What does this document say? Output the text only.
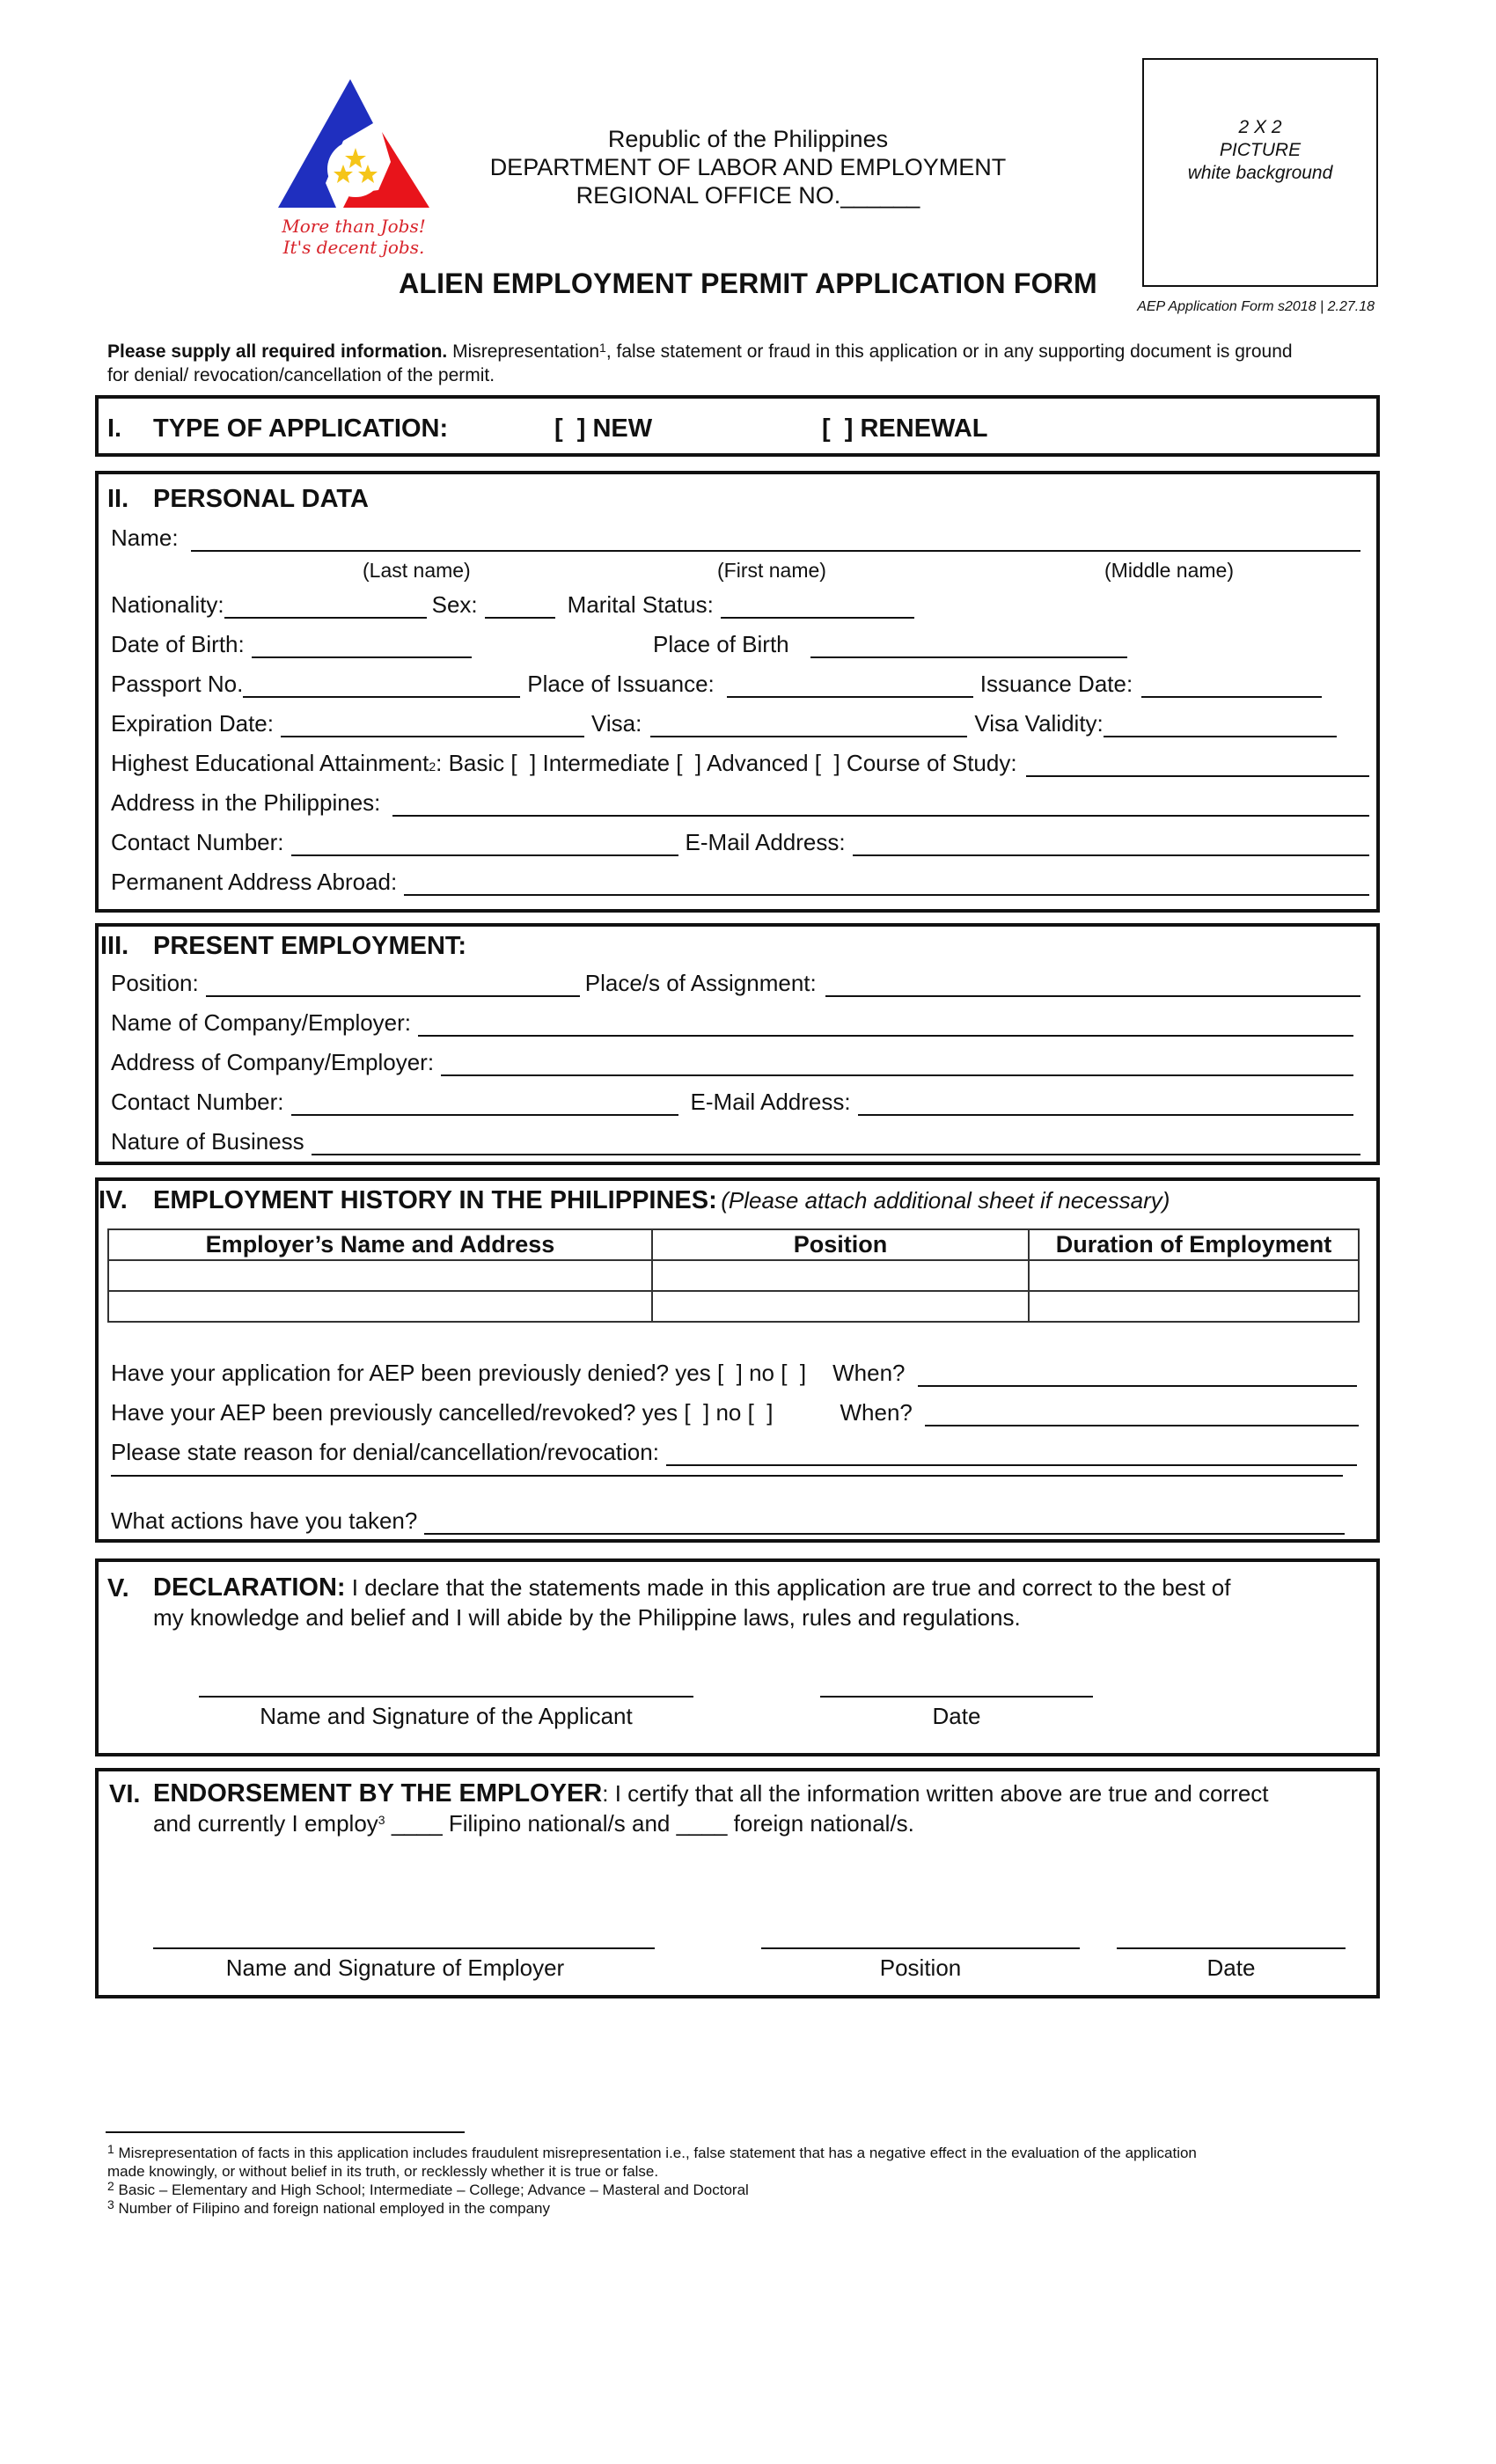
More than Jobs!
It's decent jobs.
Republic of the Philippines
DEPARTMENT OF LABOR AND EMPLOYMENT
REGIONAL OFFICE NO.______
ALIEN EMPLOYMENT PERMIT APPLICATION FORM
2 X 2
PICTURE
white background
AEP Application Form s2018 | 2.27.18
Please supply all required information. Misrepresentation$^1$, false statement or fraud in this application or in any supporting document is ground
for denial/ revocation/cancellation of the permit.
I. TYPE OF APPLICATION:	[  ] NEW	[  ] RENEWAL
II. PERSONAL DATA
Name:
(Last name)	(First name)	(Middle name)
Nationality:	Sex:	Marital Status:
Date of Birth:	Place of Birth
Passport No.	Place of Issuance:	Issuance Date:
Expiration Date:	Visa:	Visa Validity:
Highest Educational Attainment$^2$ : Basic [  ] Intermediate [  ] Advanced [  ] Course of Study:
Address in the Philippines:
Contact Number:	E-Mail Address:
Permanent Address Abroad:
III. PRESENT EMPLOYMENT:
Position:	Place/s of Assignment:
Name of Company/Employer:
Address of Company/Employer:
Contact Number:	E-Mail Address:
Nature of Business
IV. EMPLOYMENT HISTORY IN THE PHILIPPINES: (Please attach additional sheet if necessary)
Employer’s Name and Address	Position	Duration of Employment

Have your application for AEP been previously denied? yes [  ] no [  ] When?
Have your AEP been previously cancelled/revoked? yes [  ] no [  ]	When?
Please state reason for denial/cancellation/revocation:
What actions have you taken?
V. DECLARATION: I declare that the statements made in this application are true and correct to the best of
my knowledge and belief and I will abide by the Philippine laws, rules and regulations.
Name and Signature of the Applicant	Date
VI. ENDORSEMENT BY THE EMPLOYER: I certify that all the information written above are true and correct
and currently I employ$^3$ ____ Filipino national/s and ____ foreign national/s.
Name and Signature of Employer	Position	Date
$^1$ Misrepresentation of facts in this application includes fraudulent misrepresentation i.e., false statement that has a negative effect in the evaluation of the application
made knowingly, or without belief in its truth, or recklessly whether it is true or false.
$^2$ Basic – Elementary and High School; Intermediate – College; Advance – Masteral and Doctoral
$^3$ Number of Filipino and foreign national employed in the company
